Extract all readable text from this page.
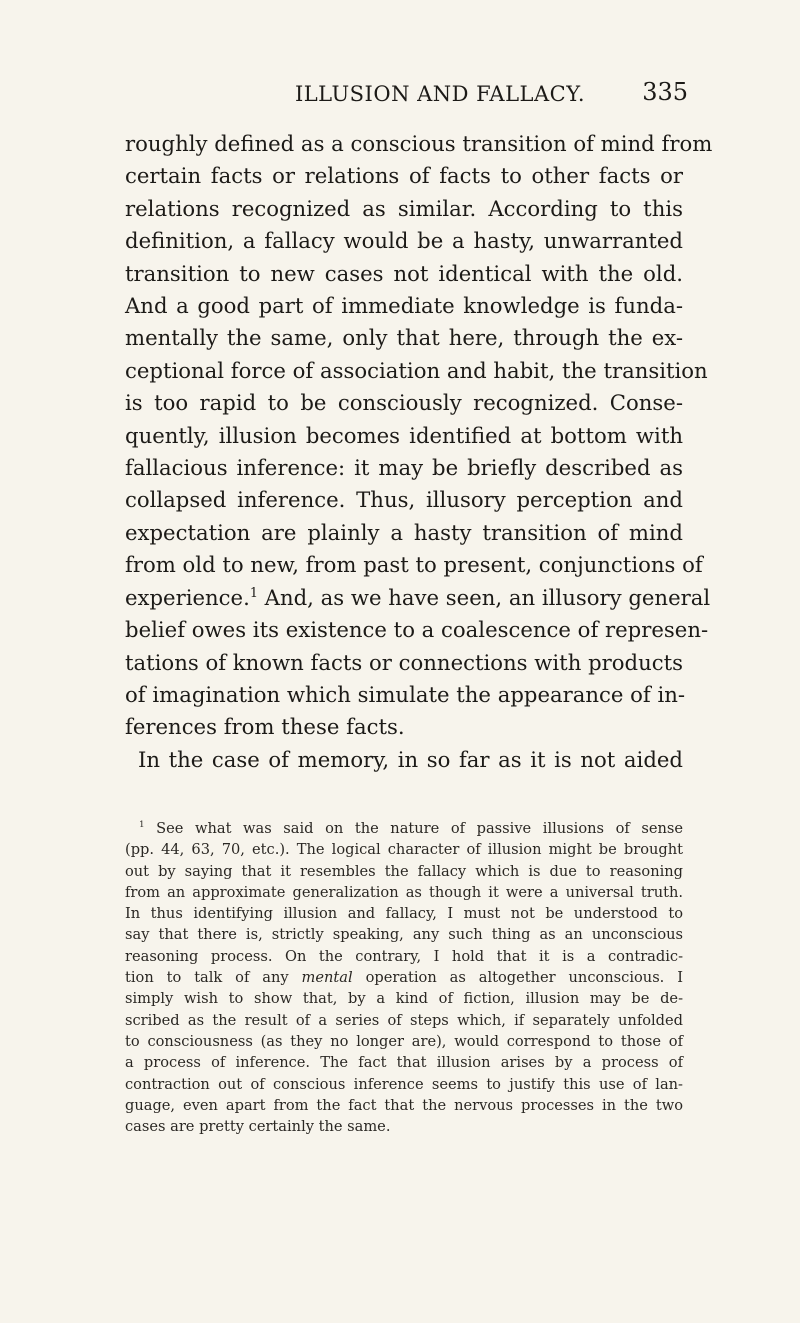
ILLUSION AND FALLACY.	335
roughly defined as a conscious transition of mind from
certain facts or relations of facts to other facts or
relations recognized as similar. According to this
definition, a fallacy would be a hasty, unwarranted
transition to new cases not identical with the old.
And a good part of immediate knowledge is funda-
mentally the same, only that here, through the ex-
ceptional force of association and habit, the transition
is too rapid to be consciously recognized. Conse-
quently, illusion becomes identified at bottom with
fallacious inference: it may be briefly described as
collapsed inference. Thus, illusory perception and
expectation are plainly a hasty transition of mind
from old to new, from past to present, conjunctions of
experience.$^1$ And, as we have seen, an illusory general
belief owes its existence to a coalescence of represen-
tations of known facts or connections with products
of imagination which simulate the appearance of in-
ferences from these facts.
In the case of memory, in so far as it is not aided
$^1$ See what was said on the nature of passive illusions of sense
(pp. 44, 63, 70, etc.). The logical character of illusion might be brought
out by saying that it resembles the fallacy which is due to reasoning
from an approximate generalization as though it were a universal truth.
In thus identifying illusion and fallacy, I must not be understood to
say that there is, strictly speaking, any such thing as an unconscious
reasoning process. On the contrary, I hold that it is a contradic-
tion to talk of any mental operation as altogether unconscious. I
simply wish to show that, by a kind of fiction, illusion may be de-
scribed as the result of a series of steps which, if separately unfolded
to consciousness (as they no longer are), would correspond to those of
a process of inference. The fact that illusion arises by a process of
contraction out of conscious inference seems to justify this use of lan-
guage, even apart from the fact that the nervous processes in the two
cases are pretty certainly the same.
